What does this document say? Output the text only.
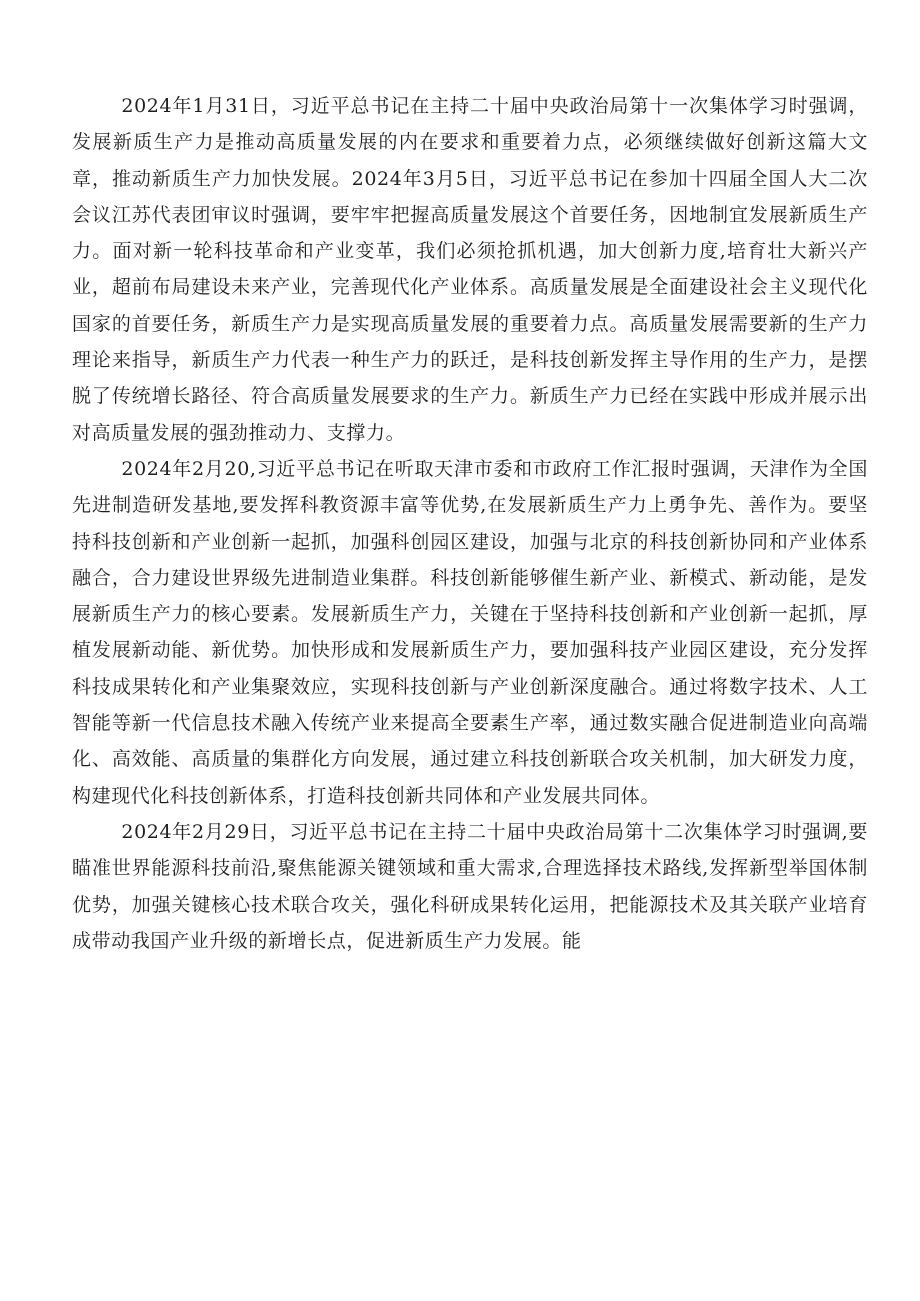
2024年1月31日，习近平总书记在主持二十届中央政治局第十一次集体学习时强调，发展新质生产力是推动高质量发展的内在要求和重要着力点，必须继续做好创新这篇大文章，推动新质生产力加快发展。2024年3月5日，习近平总书记在参加十四届全国人大二次会议江苏代表团审议时强调，要牢牢把握高质量发展这个首要任务，因地制宜发展新质生产力。面对新一轮科技革命和产业变革，我们必须抢抓机遇，加大创新力度,培育壮大新兴产业，超前布局建设未来产业，完善现代化产业体系。高质量发展是全面建设社会主义现代化国家的首要任务，新质生产力是实现高质量发展的重要着力点。高质量发展需要新的生产力理论来指导，新质生产力代表一种生产力的跃迁，是科技创新发挥主导作用的生产力，是摆脱了传统增长路径、符合高质量发展要求的生产力。新质生产力已经在实践中形成并展示出对高质量发展的强劲推动力、支撑力。

2024年2月20,习近平总书记在听取天津市委和市政府工作汇报时强调，天津作为全国先进制造研发基地,要发挥科教资源丰富等优势,在发展新质生产力上勇争先、善作为。要坚持科技创新和产业创新一起抓，加强科创园区建设，加强与北京的科技创新协同和产业体系融合，合力建设世界级先进制造业集群。科技创新能够催生新产业、新模式、新动能，是发展新质生产力的核心要素。发展新质生产力，关键在于坚持科技创新和产业创新一起抓，厚植发展新动能、新优势。加快形成和发展新质生产力，要加强科技产业园区建设，充分发挥科技成果转化和产业集聚效应，实现科技创新与产业创新深度融合。通过将数字技术、人工智能等新一代信息技术融入传统产业来提高全要素生产率，通过数实融合促进制造业向高端化、高效能、高质量的集群化方向发展，通过建立科技创新联合攻关机制，加大研发力度，构建现代化科技创新体系，打造科技创新共同体和产业发展共同体。

2024年2月29日，习近平总书记在主持二十届中央政治局第十二次集体学习时强调,要瞄准世界能源科技前沿,聚焦能源关键领域和重大需求,合理选择技术路线,发挥新型举国体制优势，加强关键核心技术联合攻关，强化科研成果转化运用，把能源技术及其关联产业培育成带动我国产业升级的新增长点，促进新质生产力发展。能
